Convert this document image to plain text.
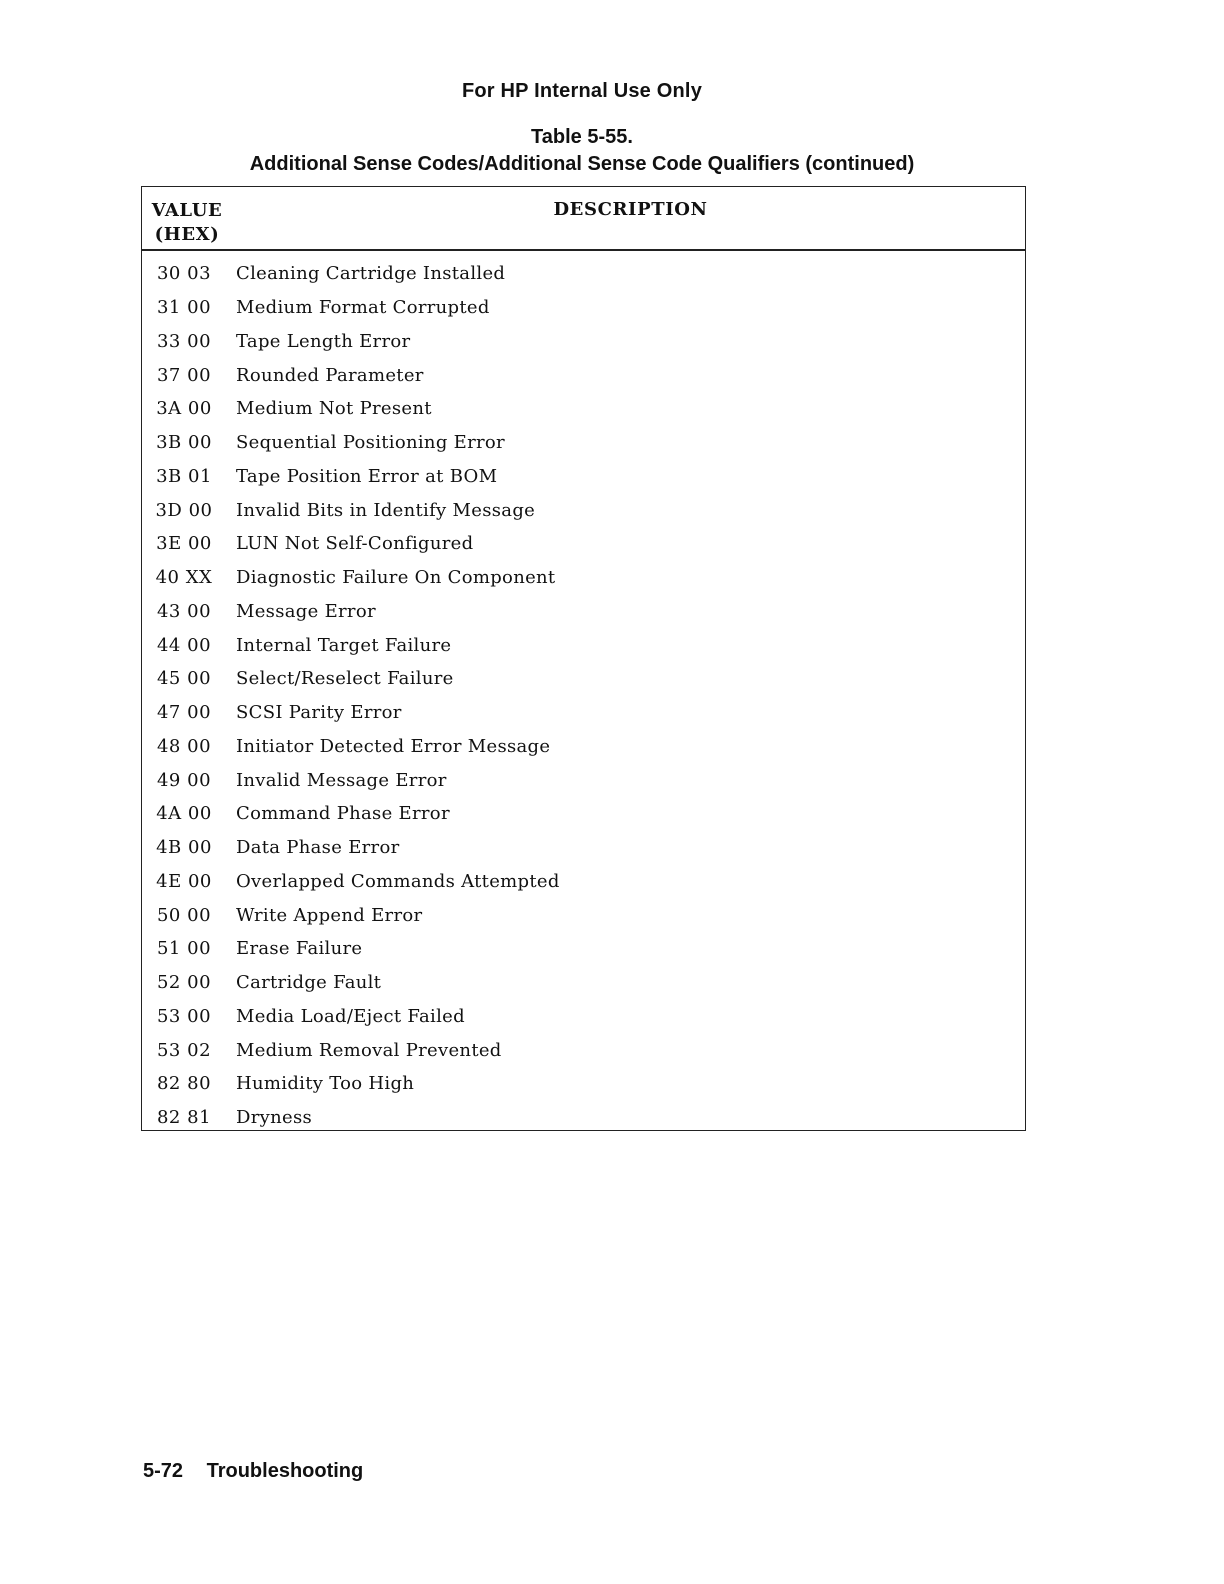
For HP Internal Use Only
Table 5-55.
Additional Sense Codes/Additional Sense Code Qualifiers (continued)
VALUE
(HEX)
DESCRIPTION
30 03	Cleaning Cartridge Installed
31 00	Medium Format Corrupted
33 00	Tape Length Error
37 00	Rounded Parameter
3A 00	Medium Not Present
3B 00	Sequential Positioning Error
3B 01	Tape Position Error at BOM
3D 00	Invalid Bits in Identify Message
3E 00	LUN Not Self-Configured
40 XX	Diagnostic Failure On Component
43 00	Message Error
44 00	Internal Target Failure
45 00	Select/Reselect Failure
47 00	SCSI Parity Error
48 00	Initiator Detected Error Message
49 00	Invalid Message Error
4A 00	Command Phase Error
4B 00	Data Phase Error
4E 00	Overlapped Commands Attempted
50 00	Write Append Error
51 00	Erase Failure
52 00	Cartridge Fault
53 00	Media Load/Eject Failed
53 02	Medium Removal Prevented
82 80	Humidity Too High
82 81	Dryness
5-72 Troubleshooting
